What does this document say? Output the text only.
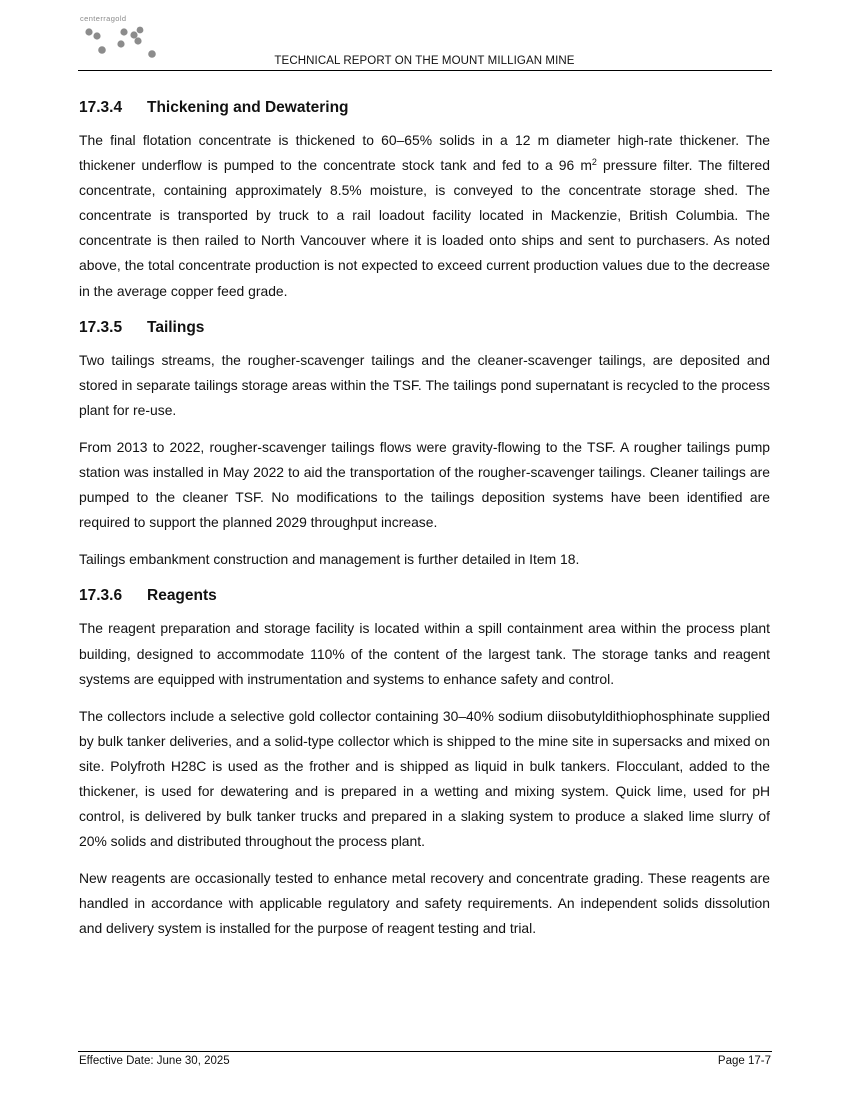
centerragold
TECHNICAL REPORT ON THE MOUNT MILLIGAN MINE
17.3.4	Thickening and Dewatering

The final flotation concentrate is thickened to 60–65% solids in a 12 m diameter high-rate thickener. The thickener underflow is pumped to the concentrate stock tank and fed to a 96 $m^2$ pressure filter. The filtered concentrate, containing approximately 8.5% moisture, is conveyed to the concentrate storage shed. The concentrate is transported by truck to a rail loadout facility located in Mackenzie, British Columbia. The concentrate is then railed to North Vancouver where it is loaded onto ships and sent to purchasers. As noted above, the total concentrate production is not expected to exceed current production values due to the decrease in the average copper feed grade.

17.3.5	Tailings

Two tailings streams, the rougher-scavenger tailings and the cleaner-scavenger tailings, are deposited and stored in separate tailings storage areas within the TSF. The tailings pond supernatant is recycled to the process plant for re-use.

From 2013 to 2022, rougher-scavenger tailings flows were gravity-flowing to the TSF. A rougher tailings pump station was installed in May 2022 to aid the transportation of the rougher-scavenger tailings. Cleaner tailings are pumped to the cleaner TSF. No modifications to the tailings deposition systems have been identified are required to support the planned 2029 throughput increase.

Tailings embankment construction and management is further detailed in Item 18.

17.3.6	Reagents

The reagent preparation and storage facility is located within a spill containment area within the process plant building, designed to accommodate 110% of the content of the largest tank. The storage tanks and reagent systems are equipped with instrumentation and systems to enhance safety and control.

The collectors include a selective gold collector containing 30–40% sodium diisobutyldithiophosphinate supplied by bulk tanker deliveries, and a solid-type collector which is shipped to the mine site in supersacks and mixed on site. Polyfroth H28C is used as the frother and is shipped as liquid in bulk tankers. Flocculant, added to the thickener, is used for dewatering and is prepared in a wetting and mixing system. Quick lime, used for pH control, is delivered by bulk tanker trucks and prepared in a slaking system to produce a slaked lime slurry of 20% solids and distributed throughout the process plant.

New reagents are occasionally tested to enhance metal recovery and concentrate grading. These reagents are handled in accordance with applicable regulatory and safety requirements. An independent solids dissolution and delivery system is installed for the purpose of reagent testing and trial.

Effective Date: June 30, 2025	Page 17-7
